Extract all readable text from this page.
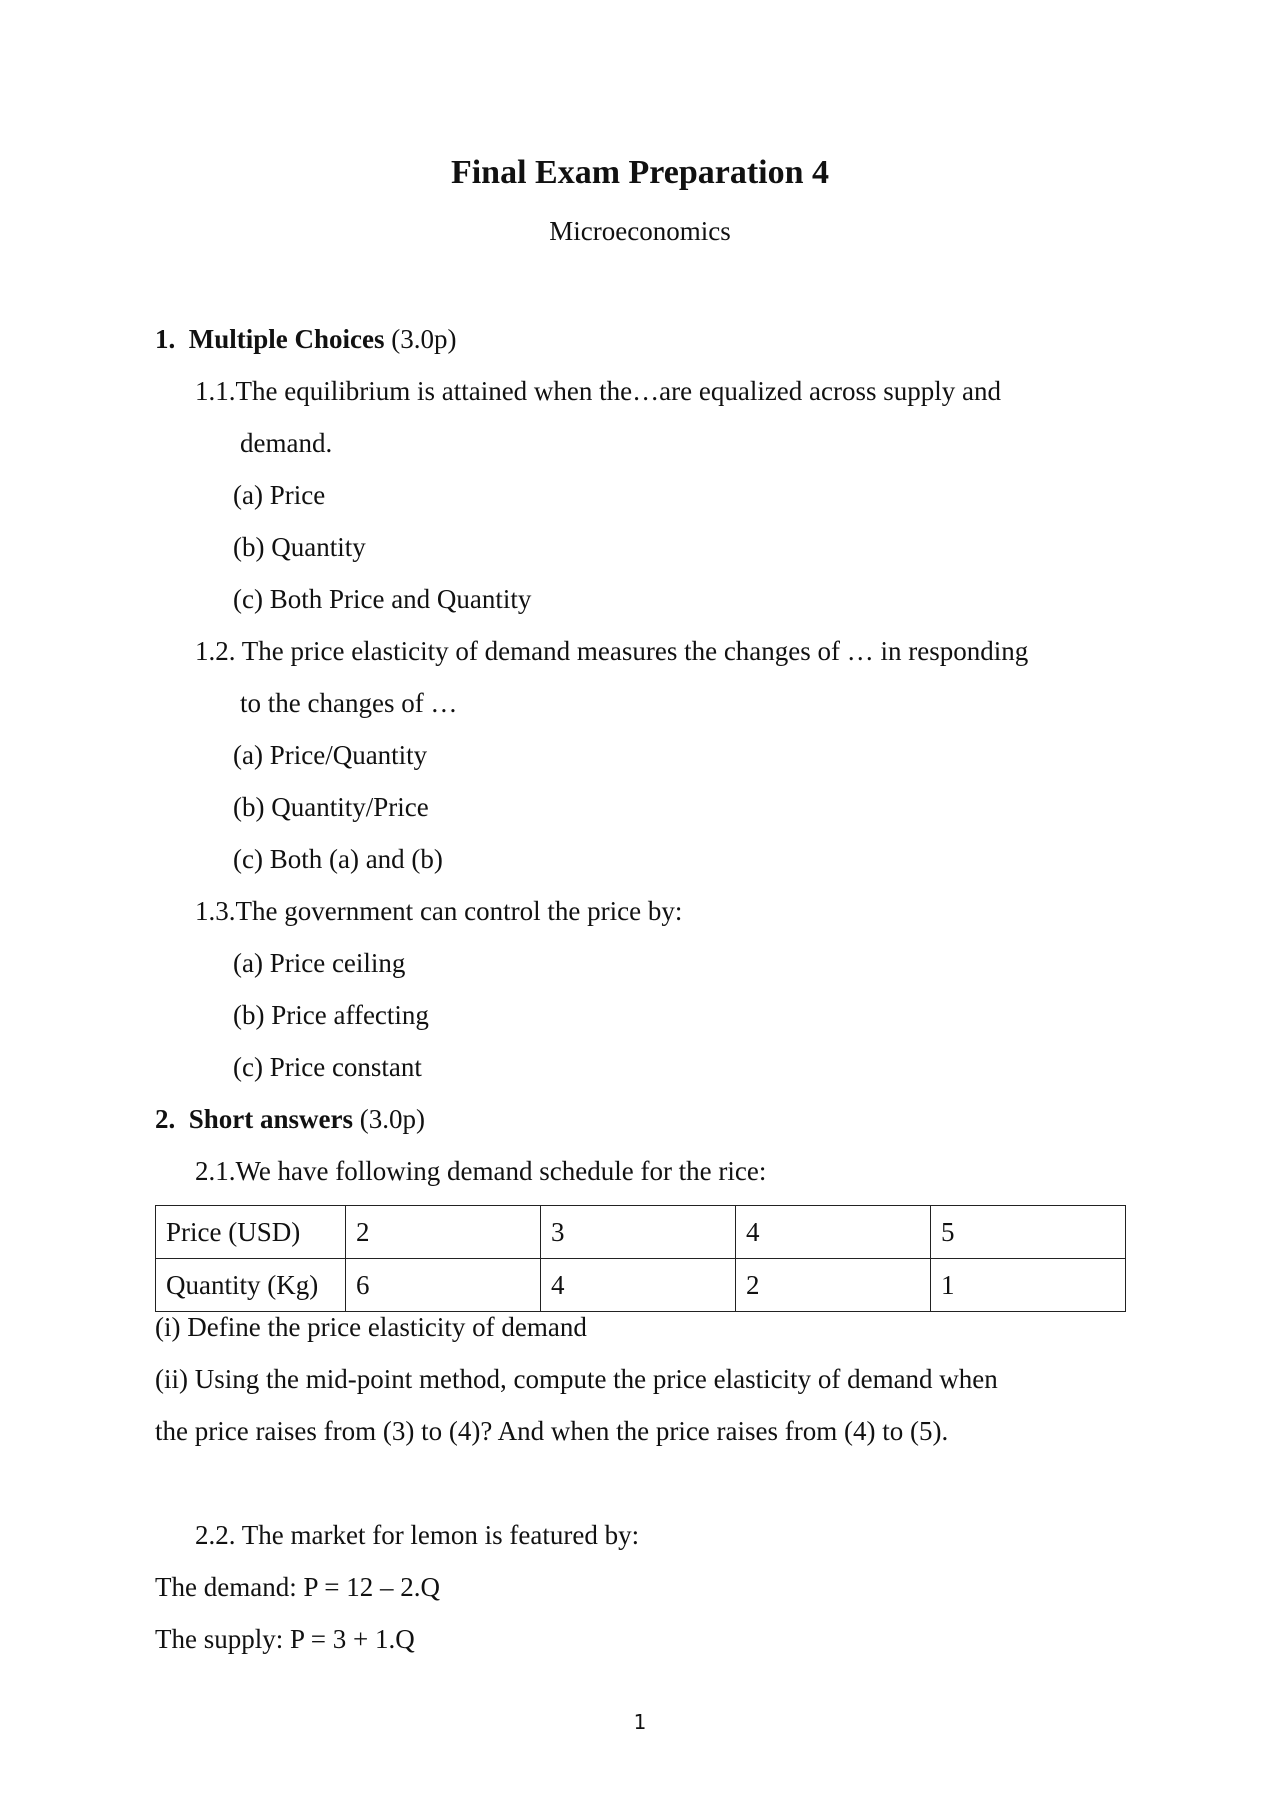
Final Exam Preparation 4
Microeconomics
1. Multiple Choices (3.0p)
1.1.The equilibrium is attained when the…are equalized across supply and
demand.
(a) Price
(b) Quantity
(c) Both Price and Quantity
1.2. The price elasticity of demand measures the changes of … in responding
to the changes of …
(a) Price/Quantity
(b) Quantity/Price
(c) Both (a) and (b)
1.3.The government can control the price by:
(a) Price ceiling
(b) Price affecting
(c) Price constant
2. Short answers (3.0p)
2.1.We have following demand schedule for the rice:
Price (USD)	2	3	4	5
Quantity (Kg)	6	4	2	1
(i) Define the price elasticity of demand
(ii) Using the mid-point method, compute the price elasticity of demand when
the price raises from (3) to (4)? And when the price raises from (4) to (5).
2.2. The market for lemon is featured by:
The demand: P = 12 – 2.Q
The supply: P = 3 + 1.Q
1
